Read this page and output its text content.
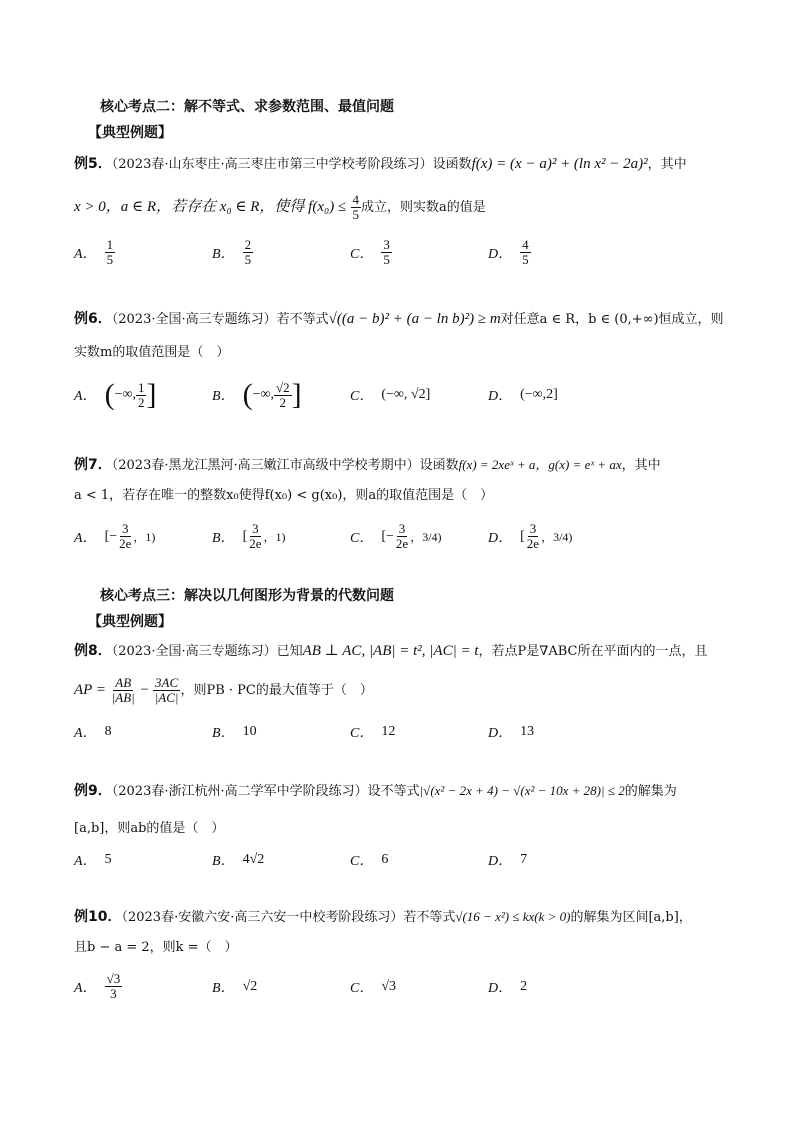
核心考点二：解不等式、求参数范围、最值问题
【典型例题】
例5．（2023春·山东枣庄·高三枣庄市第三中学校考阶段练习）设函数f(x) = (x − a)² + (ln x² − 2a)²，其中
x > 0，a ∈ R，若存在 x₀ ∈ R，使得 $f(x_0) \le \frac{4}{5}$ 成立，则实数a的值是
A． $\frac{1}{5}$	B． $\frac{2}{5}$	C． $\frac{3}{5}$	D． $\frac{4}{5}$
例6．（2023·全国·高三专题练习）若不等式√((a − b)² + (a − ln b)²) ≥ m对任意a ∈ R，b ∈ (0,+∞)恒成立，则
实数m的取值范围是（　）
A． ( −∞, $\frac{1}{2}$ ]	B． ( −∞, $\frac{√2}{2}$ ]	C． (−∞, √2]	D． (−∞,2]
例7．（2023春·黑龙江黑河·高三嫩江市高级中学校考期中）设函数f(x) = 2xeˣ + a，g(x) = eˣ + ax，其中
a < 1，若存在唯一的整数x₀使得f(x₀) < g(x₀)，则a的取值范围是（　）
A． [− $\frac{3}{2e}$ ，1)	B． [ $\frac{3}{2e}$ ，1)	C． [− $\frac{3}{2e}$ ，3/4)	D． [ $\frac{3}{2e}$ ，3/4)
核心考点三：解决以几何图形为背景的代数问题
【典型例题】
例8．（2023·全国·高三专题练习）已知AB ⊥ AC, |AB| = t², |AC| = t，若点P是∇ABC所在平面内的一点，且
AP = $\frac{AB}{|AB|} - \frac{3AC}{|AC|}$ ，则PB · PC的最大值等于（　）
A． 8	B． 10	C． 12	D． 13
例9．（2023春·浙江杭州·高二学军中学阶段练习）设不等式|√(x² − 2x + 4) − √(x² − 10x + 28)| ≤ 2的解集为
[a,b]，则ab的值是（　）
A． 5	B． 4√2	C． 6	D． 7
例10．（2023春·安徽六安·高三六安一中校考阶段练习）若不等式√(16 − x²) ≤ kx(k > 0)的解集为区间[a,b]，
且b − a = 2，则k =（　）
A． $\frac{√3}{3}$	B． √2	C． √3	D． 2
